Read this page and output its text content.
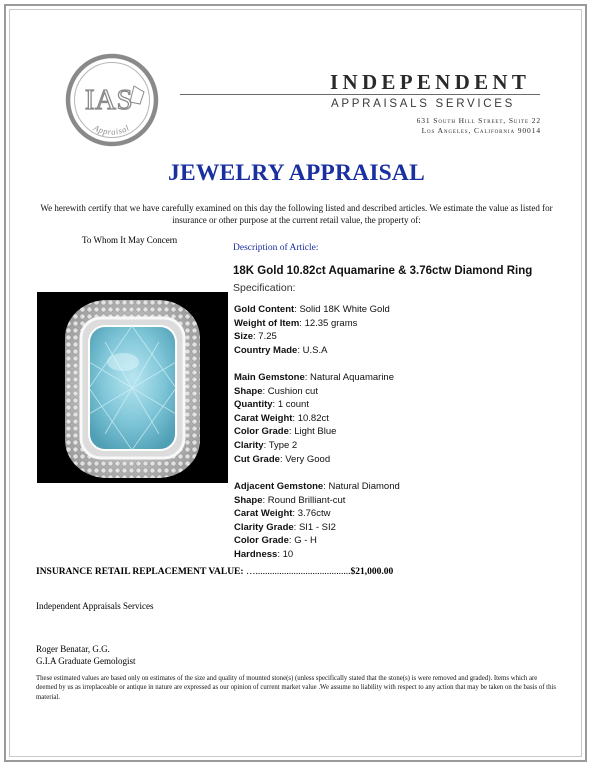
IAS
Appraisal
INDEPENDENT
APPRAISALS SERVICES
631 South Hill Street, Suite 22
Los Angeles, California 90014
JEWELRY APPRAISAL
We herewith certify that we have carefully examined on this day the following listed and described articles. We estimate the value as listed for insurance or other purpose at the current retail value, the property of:
To Whom It May Concern
Description of Article:
18K Gold 10.82ct Aquamarine & 3.76ctw Diamond Ring
Specification:
Gold Content: Solid 18K White Gold
Weight of Item: 12.35 grams
Size: 7.25
Country Made: U.S.A
Main Gemstone: Natural Aquamarine
Shape: Cushion cut
Quantity: 1 count
Carat Weight: 10.82ct
Color Grade: Light Blue
Clarity: Type 2
Cut Grade: Very Good
Adjacent Gemstone: Natural Diamond
Shape: Round Brilliant-cut
Carat Weight: 3.76ctw
Clarity Grade: SI1 - SI2
Color Grade: G - H
Hardness: 10
INSURANCE RETAIL REPLACEMENT VALUE: …........................................$21,000.00
Independent Appraisals Services
Roger Benatar, G.G.
G.I.A Graduate Gemologist
These estimated values are based only on estimates of the size and quality of mounted stone(s) (unless specifically stated that the stone(s) is were removed and graded). Items which are deemed by us as irreplaceable or antique in nature are expressed as our opinion of current market value .We assume no liability with respect to any action that may be taken on the basis of this material.
